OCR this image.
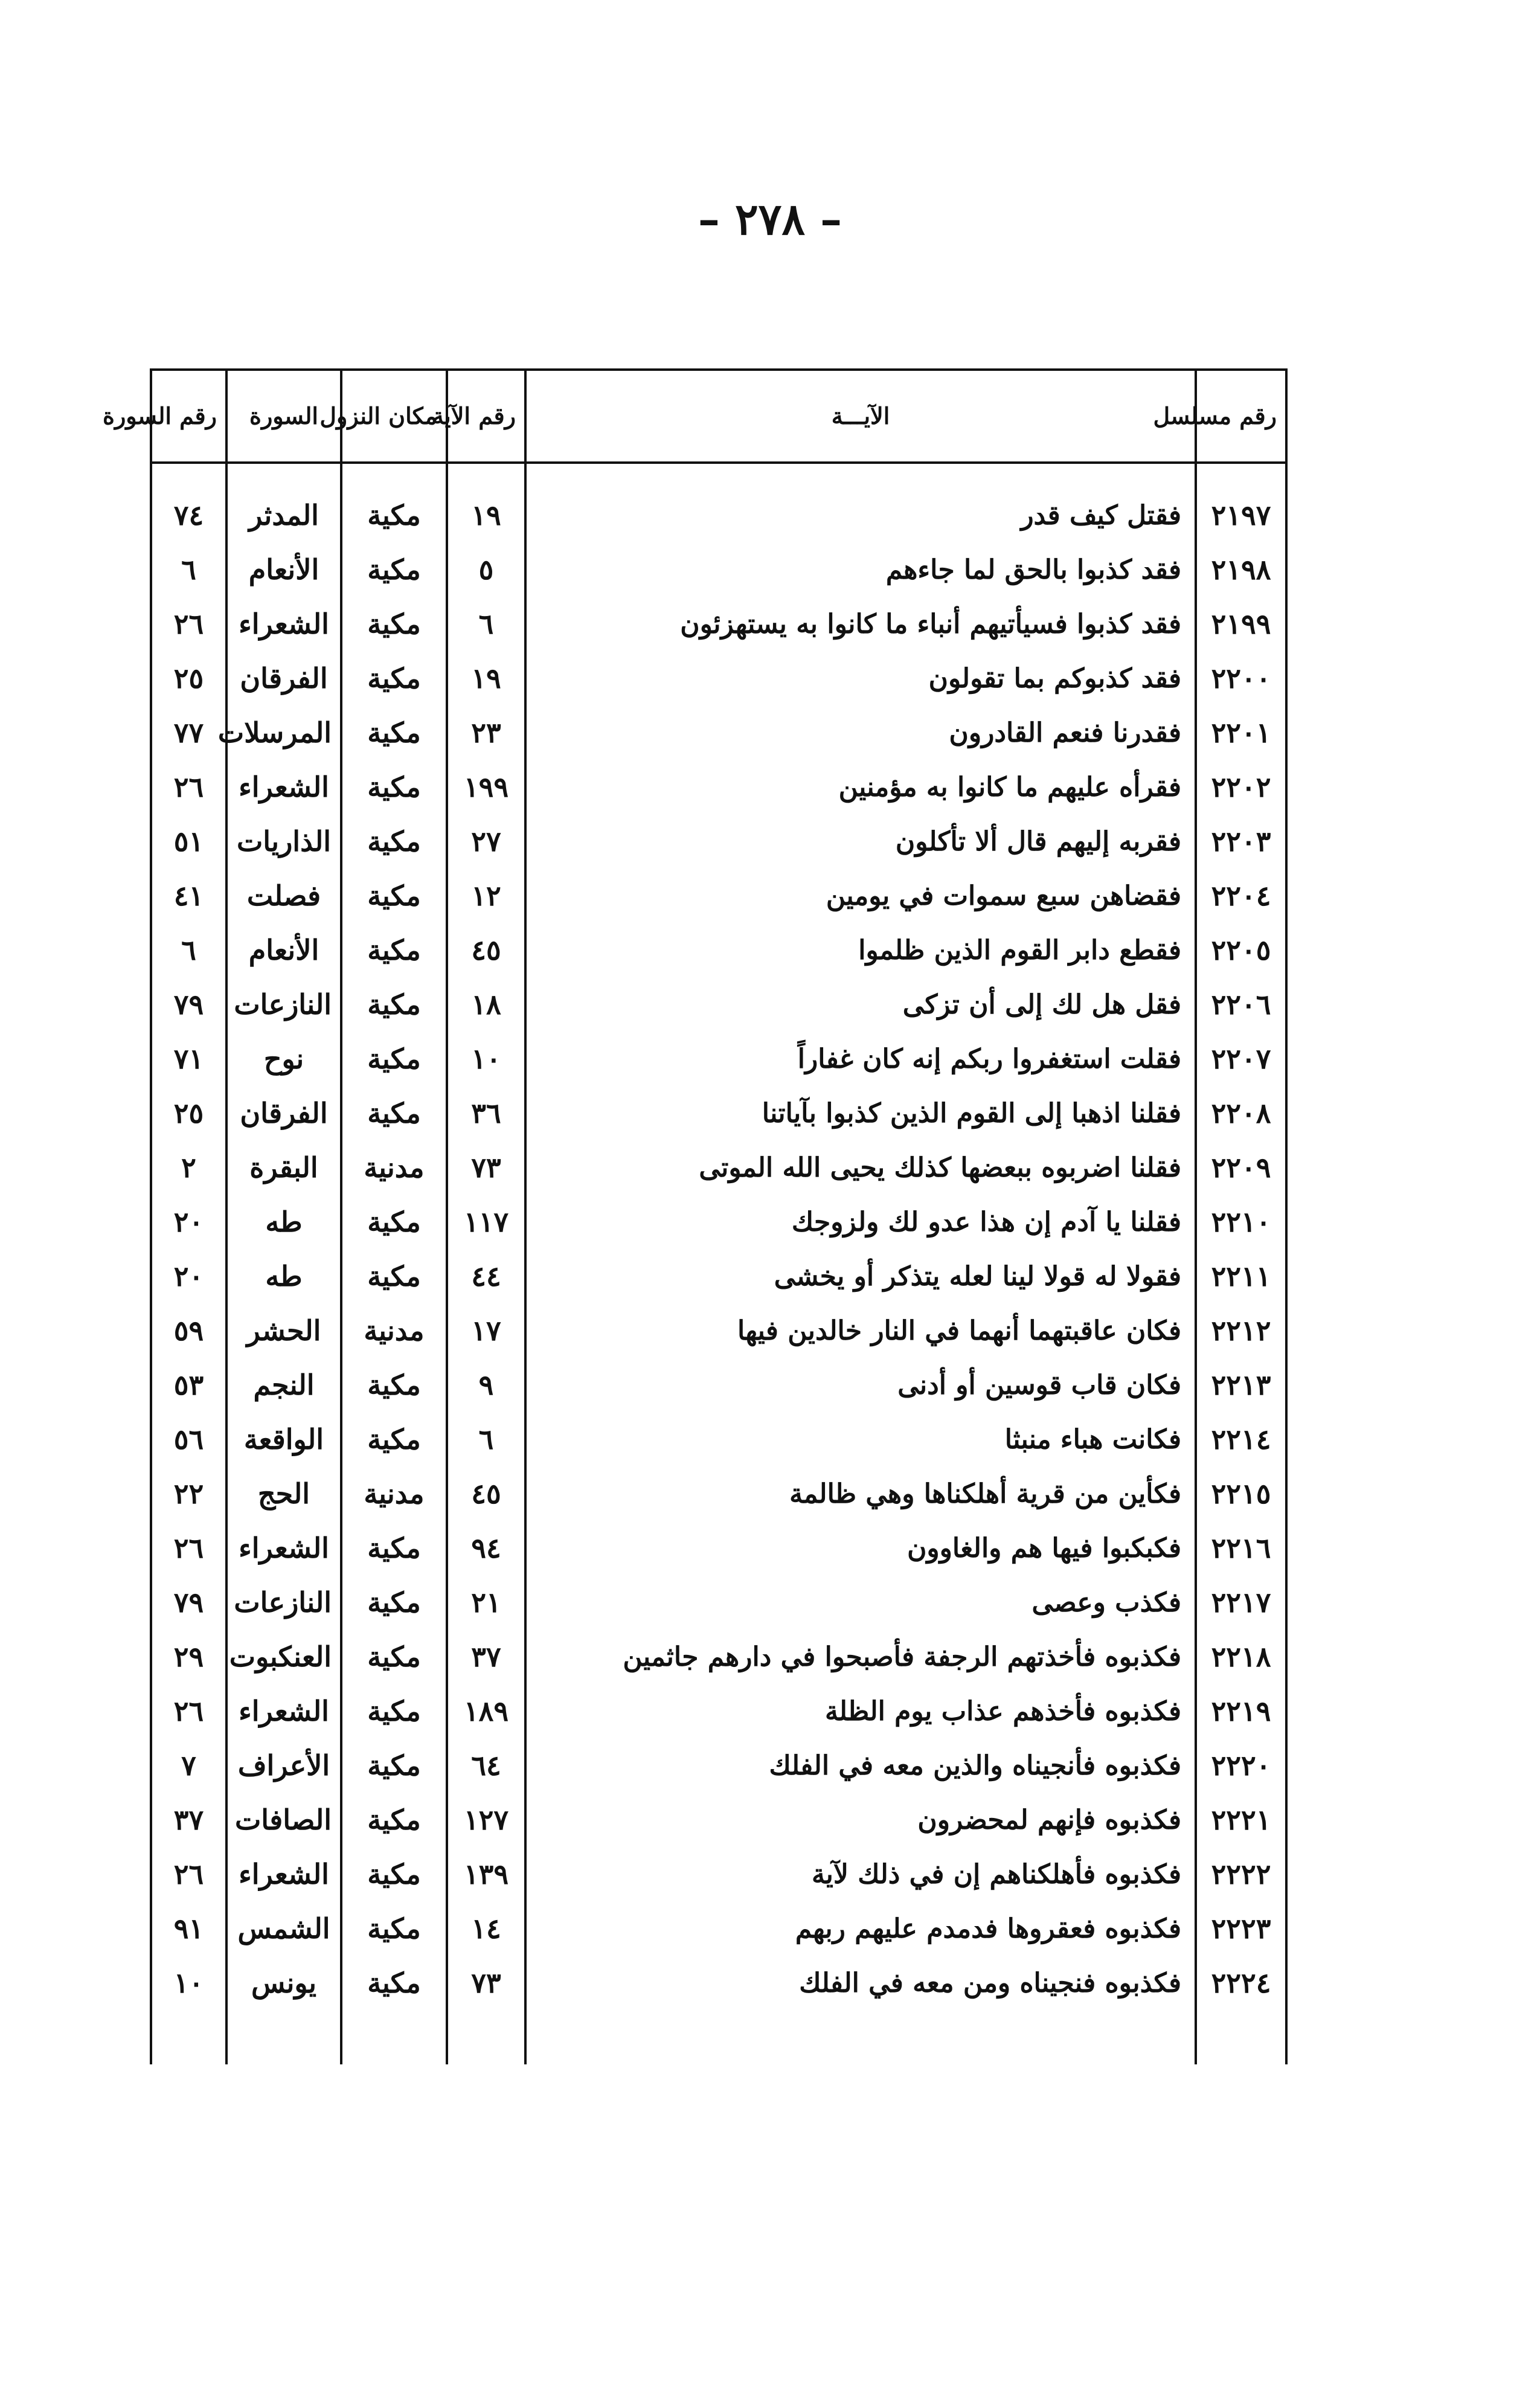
– ٢٧٨ –
رقم مسلسل	الآيـــة	رقم الآية	مكان النزول	السورة	رقم السورة
٢١٩٧	فقتل كيف قدر	١٩	مكية	المدثر	٧٤
٢١٩٨	فقد كذبوا بالحق لما جاءهم	٥	مكية	الأنعام	٦
٢١٩٩	فقد كذبوا فسيأتيهم أنباء ما كانوا به يستهزئون	٦	مكية	الشعراء	٢٦
٢٢٠٠	فقد كذبوكم بما تقولون	١٩	مكية	الفرقان	٢٥
٢٢٠١	فقدرنا فنعم القادرون	٢٣	مكية	المرسلات	٧٧
٢٢٠٢	فقرأه عليهم ما كانوا به مؤمنين	١٩٩	مكية	الشعراء	٢٦
٢٢٠٣	فقربه إليهم قال ألا تأكلون	٢٧	مكية	الذاريات	٥١
٢٢٠٤	فقضاهن سبع سموات في يومين	١٢	مكية	فصلت	٤١
٢٢٠٥	فقطع دابر القوم الذين ظلموا	٤٥	مكية	الأنعام	٦
٢٢٠٦	فقل هل لك إلى أن تزكى	١٨	مكية	النازعات	٧٩
٢٢٠٧	فقلت استغفروا ربكم إنه كان غفاراً	١٠	مكية	نوح	٧١
٢٢٠٨	فقلنا اذهبا إلى القوم الذين كذبوا بآياتنا	٣٦	مكية	الفرقان	٢٥
٢٢٠٩	فقلنا اضربوه ببعضها كذلك يحيى الله الموتى	٧٣	مدنية	البقرة	٢
٢٢١٠	فقلنا يا آدم إن هذا عدو لك ولزوجك	١١٧	مكية	طه	٢٠
٢٢١١	فقولا له قولا لينا لعله يتذكر أو يخشى	٤٤	مكية	طه	٢٠
٢٢١٢	فكان عاقبتهما أنهما في النار خالدين فيها	١٧	مدنية	الحشر	٥٩
٢٢١٣	فكان قاب قوسين أو أدنى	٩	مكية	النجم	٥٣
٢٢١٤	فكانت هباء منبثا	٦	مكية	الواقعة	٥٦
٢٢١٥	فكأين من قرية أهلكناها وهي ظالمة	٤٥	مدنية	الحج	٢٢
٢٢١٦	فكبكبوا فيها هم والغاوون	٩٤	مكية	الشعراء	٢٦
٢٢١٧	فكذب وعصى	٢١	مكية	النازعات	٧٩
٢٢١٨	فكذبوه فأخذتهم الرجفة فأصبحوا في دارهم جاثمين	٣٧	مكية	العنكبوت	٢٩
٢٢١٩	فكذبوه فأخذهم عذاب يوم الظلة	١٨٩	مكية	الشعراء	٢٦
٢٢٢٠	فكذبوه فأنجيناه والذين معه في الفلك	٦٤	مكية	الأعراف	٧
٢٢٢١	فكذبوه فإنهم لمحضرون	١٢٧	مكية	الصافات	٣٧
٢٢٢٢	فكذبوه فأهلكناهم إن في ذلك لآية	١٣٩	مكية	الشعراء	٢٦
٢٢٢٣	فكذبوه فعقروها فدمدم عليهم ربهم	١٤	مكية	الشمس	٩١
٢٢٢٤	فكذبوه فنجيناه ومن معه في الفلك	٧٣	مكية	يونس	١٠
